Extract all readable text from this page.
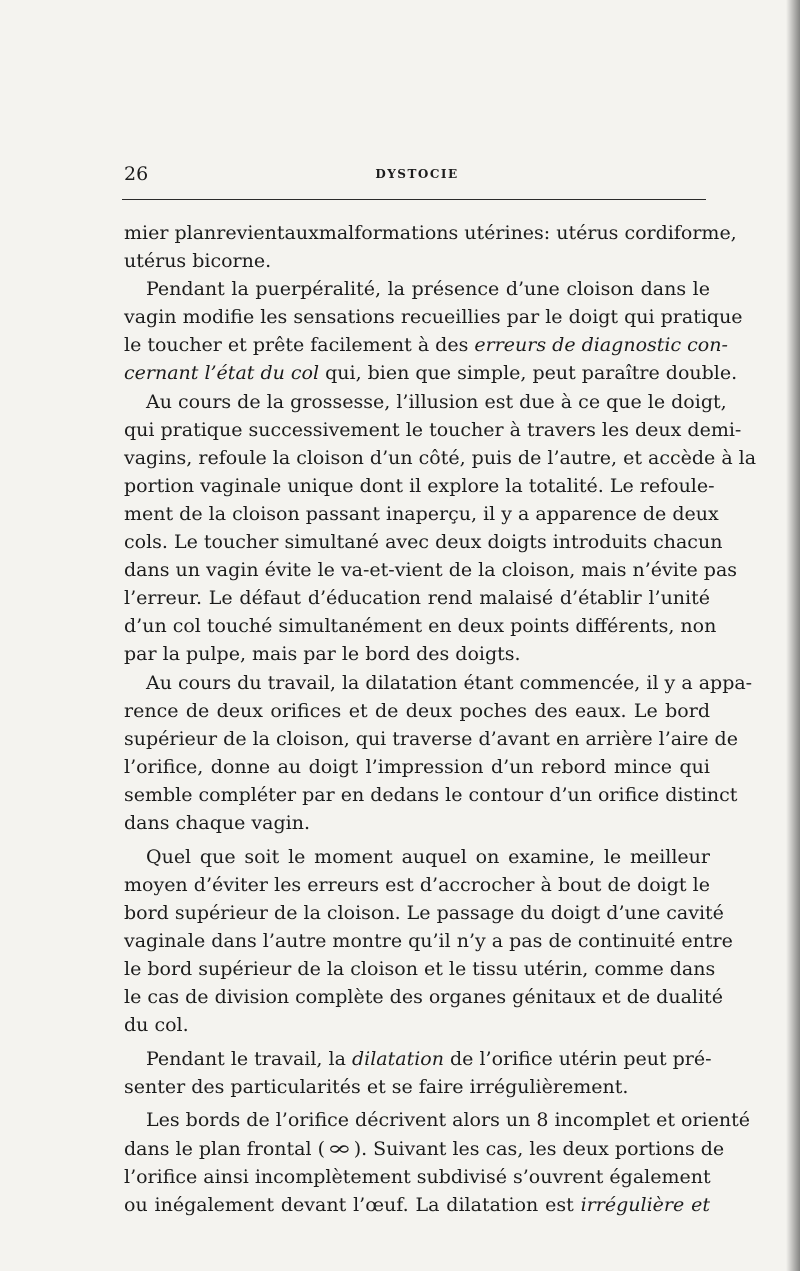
26	DYSTOCIE
mier planrevientauxmalformations utérines: utérus cordiforme,
utérus bicorne.
Pendant la puerpéralité, la présence d’une cloison dans le
vagin modifie les sensations recueillies par le doigt qui pratique
le toucher et prête facilement à des erreurs de diagnostic con-
cernant l’état du col qui, bien que simple, peut paraître double.
Au cours de la grossesse, l’illusion est due à ce que le doigt,
qui pratique successivement le toucher à travers les deux demi-
vagins, refoule la cloison d’un côté, puis de l’autre, et accède à la
portion vaginale unique dont il explore la totalité. Le refoule-
ment de la cloison passant inaperçu, il y a apparence de deux
cols. Le toucher simultané avec deux doigts introduits chacun
dans un vagin évite le va-et-vient de la cloison, mais n’évite pas
l’erreur. Le défaut d’éducation rend malaisé d’établir l’unité
d’un col touché simultanément en deux points différents, non
par la pulpe, mais par le bord des doigts.
Au cours du travail, la dilatation étant commencée, il y a appa-
rence de deux orifices et de deux poches des eaux. Le bord
supérieur de la cloison, qui traverse d’avant en arrière l’aire de
l’orifice, donne au doigt l’impression d’un rebord mince qui
semble compléter par en dedans le contour d’un orifice distinct
dans chaque vagin.
Quel que soit le moment auquel on examine, le meilleur
moyen d’éviter les erreurs est d’accrocher à bout de doigt le
bord supérieur de la cloison. Le passage du doigt d’une cavité
vaginale dans l’autre montre qu’il n’y a pas de continuité entre
le bord supérieur de la cloison et le tissu utérin, comme dans
le cas de division complète des organes génitaux et de dualité
du col.
Pendant le travail, la dilatation de l’orifice utérin peut pré-
senter des particularités et se faire irrégulièrement.
Les bords de l’orifice décrivent alors un 8 incomplet et orienté
dans le plan frontal (∞). Suivant les cas, les deux portions de
l’orifice ainsi incomplètement subdivisé s’ouvrent également
ou inégalement devant l’œuf. La dilatation est irrégulière et
